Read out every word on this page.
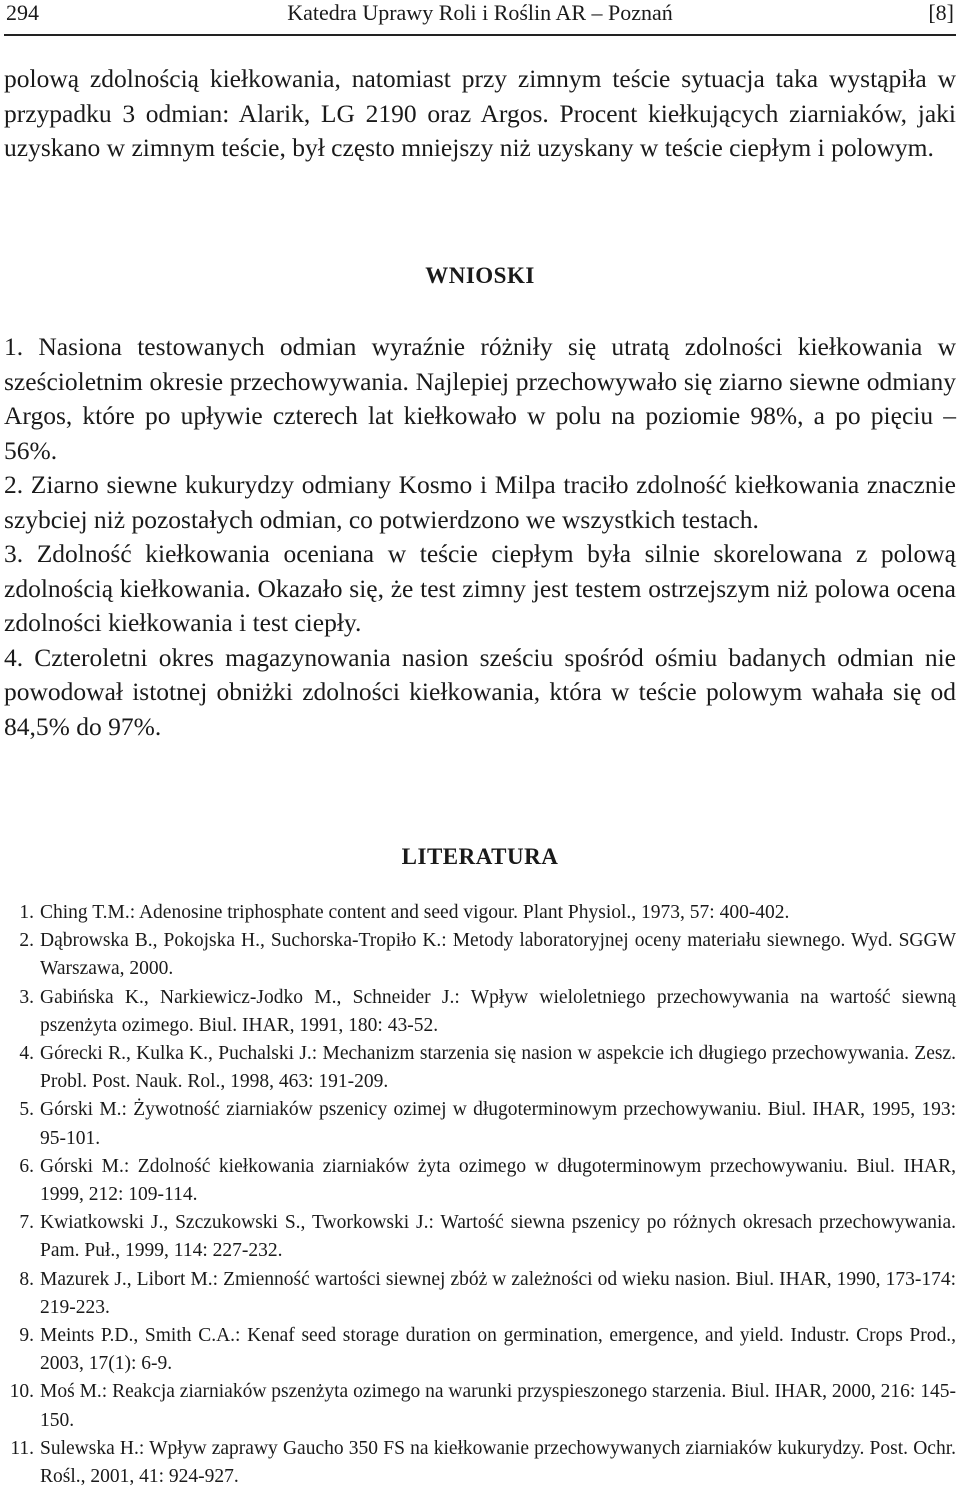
294	Katedra Uprawy Roli i Roślin AR – Poznań	[8]

polową zdolnością kiełkowania, natomiast przy zimnym teście sytuacja taka wystąpiła w przypadku 3 odmian: Alarik, LG 2190 oraz Argos. Procent kiełkujących ziarniaków, jaki uzyskano w zimnym teście, był często mniejszy niż uzyskany w teście ciepłym i polowym.

WNIOSKI

1. Nasiona testowanych odmian wyraźnie różniły się utratą zdolności kiełkowania w sześcioletnim okresie przechowywania. Najlepiej przechowywało się ziarno siewne odmiany Argos, które po upływie czterech lat kiełkowało w polu na poziomie 98%, a po pięciu – 56%.

2. Ziarno siewne kukurydzy odmiany Kosmo i Milpa traciło zdolność kiełkowania znacznie szybciej niż pozostałych odmian, co potwierdzono we wszystkich testach.

3. Zdolność kiełkowania oceniana w teście ciepłym była silnie skorelowana z polową zdolnością kiełkowania. Okazało się, że test zimny jest testem ostrzejszym niż polowa ocena zdolności kiełkowania i test ciepły.

4. Czteroletni okres magazynowania nasion sześciu spośród ośmiu badanych odmian nie powodował istotnej obniżki zdolności kiełkowania, która w teście polowym wahała się od 84,5% do 97%.

LITERATURA
1. Ching T.M.: Adenosine triphosphate content and seed vigour. Plant Physiol., 1973, 57: 400-402.
2. Dąbrowska B., Pokojska H., Suchorska-Tropiło K.: Metody laboratoryjnej oceny materiału siewnego. Wyd. SGGW Warszawa, 2000.
3. Gabińska K., Narkiewicz-Jodko M., Schneider J.: Wpływ wieloletniego przechowywania na wartość siewną pszenżyta ozimego. Biul. IHAR, 1991, 180: 43-52.
4. Górecki R., Kulka K., Puchalski J.: Mechanizm starzenia się nasion w aspekcie ich długiego przechowywania. Zesz. Probl. Post. Nauk. Rol., 1998, 463: 191-209.
5. Górski M.: Żywotność ziarniaków pszenicy ozimej w długoterminowym przechowywaniu. Biul. IHAR, 1995, 193: 95-101.
6. Górski M.: Zdolność kiełkowania ziarniaków żyta ozimego w długoterminowym przechowywaniu. Biul. IHAR, 1999, 212: 109-114.
7. Kwiatkowski J., Szczukowski S., Tworkowski J.: Wartość siewna pszenicy po różnych okresach przechowywania. Pam. Puł., 1999, 114: 227-232.
8. Mazurek J., Libort M.: Zmienność wartości siewnej zbóż w zależności od wieku nasion. Biul. IHAR, 1990, 173-174: 219-223.
9. Meints P.D., Smith C.A.: Kenaf seed storage duration on germination, emergence, and yield. Industr. Crops Prod., 2003, 17(1): 6-9.
10. Moś M.: Reakcja ziarniaków pszenżyta ozimego na warunki przyspieszonego starzenia. Biul. IHAR, 2000, 216: 145-150.
11. Sulewska H.: Wpływ zaprawy Gaucho 350 FS na kiełkowanie przechowywanych ziarniaków kukurydzy. Post. Ochr. Rośl., 2001, 41: 924-927.
